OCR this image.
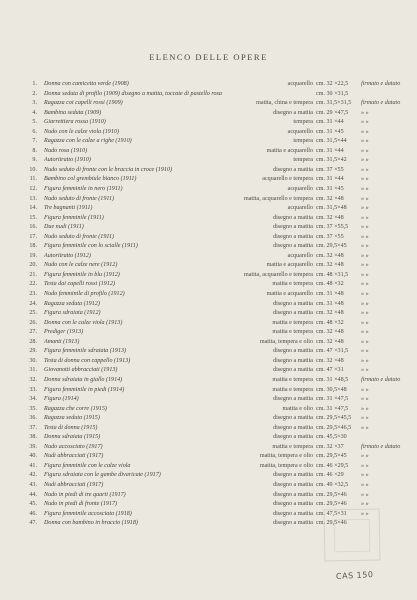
ELENCO DELLE OPERE
1. Donna con camicetta verde (1908)	acquarello cm. 32 ×22,5 firmato e datato
2. Donna seduta di profilo (1909) disegno a matita, toccate di pastello rosa	cm. 30 ×31,5
3. Ragazza coi capelli rossi (1909)	matita, china e tempera cm. 31,5×31,5 firmato e datato
4. Bambina seduta (1909)	disegno a matita cm. 29 ×47,5 » »
5. Giarrettiera rossa (1910)	tempera cm. 31 ×44	» »
6. Nudo con le calze viola (1910)	acquarello cm. 31 ×45	» »
7. Ragazza con le calze a righe (1910)	tempera cm. 31,5×44 » »
8. Nudo rosa (1910)	matita e acquarello cm. 31 ×44	» »
9. Autoritratto (1910)	tempera cm. 31,5×42 » »
10. Nudo seduto di fronte con le braccia in croce (1910)	disegno a matita cm. 37 ×55	» »
11. Bambino col grembiule bianco (1911)	acquarello e tempera cm. 31 ×44	» »
12. Figura femminile in nero (1911)	acquarello cm. 31 ×45	» »
13. Nudo seduto di fronte (1911)	matita, acquarello e tempera cm. 32 ×48	» »
14. Tre bagnanti (1911)	acquarello cm. 31,5×48 » »
15. Figura femminile (1911)	disegno a matita cm. 32 ×48	» »
16. Due nudi (1911)	disegno a matita cm. 37 ×55,5 » »
17. Nudo seduto di fronte (1911)	disegno a matita cm. 37 ×55	» »
18. Figura femminile con lo scialle (1911)	disegno a matita cm. 29,5×45 » »
19. Autoritratto (1912)	acquarello cm. 32 ×48	» »
20. Nudo con le calze nere (1912)	matita e acquarello cm. 32 ×48	» »
21. Figura femminile in blu (1912)	matita, acquarello e tempera cm. 48 ×31,5 » »
22. Testa dai capelli rossi (1912)	matita e tempera cm. 48 ×32	» »
23. Nudo femminile di profilo (1912)	matita e acquarello cm. 31 ×48	» »
24. Ragazza seduta (1912)	disegno a matita cm. 31 ×48	» »
25. Figura sdraiata (1912)	disegno a matita cm. 32 ×48	» »
26. Donna con le calze viola (1913)	matita e tempera cm. 48 ×32	» »
27. Prediger (1913)	matita e tempera cm. 32 ×48	» »
28. Amanti (1913)	matita, tempera e olio cm. 32 ×48	» »
29. Figura femminile sdraiata (1913)	disegno a matita cm. 47 ×31,5 » »
30. Testa di donna con cappello (1913)	disegno a matita cm. 32 ×48	» »
31. Giovanotti abbracciati (1913)	disegno a matita cm. 47 ×31	» »
32. Donna sdraiata in giallo (1914)	matita e tempera cm. 31 ×48,5 firmato e datato
33. Figura femminile in piedi (1914)	matita e tempera cm. 30,5×48 » »
34. Figura (1914)	disegno a matita cm. 31 ×47,5 » »
35. Ragazza che corre (1915)	matita e olio cm. 31 ×47,5 » »
36. Ragazza seduta (1915)	disegno a matita cm. 29,5×45,5 » »
37. Testa di donna (1915)	disegno a matita cm. 29,5×46,5 » »
38. Donna sdraiata (1915)	disegno a matita cm. 45,5×30
39. Nudo accosciato (1917)	matita e tempera cm. 32 ×37	firmato e datato
40. Nudi abbracciati (1917)	matita, tempera e olio cm. 29,5×45 » »
41. Figura femminile con le calze viola	matita, tempera e olio cm. 46 ×29,5 » »
42. Figura sdraiata con le gambe divaricate (1917)	disegno a matita cm. 46 ×29	» »
43. Nudi abbracciati (1917)	disegno a matita cm. 49 ×32,5 » »
44. Nudo in piedi di tre quarti (1917)	disegno a matita cm. 29,5×46 » »
45. Nudo in piedi di fronte (1917)	disegno a matita cm. 29,5×46 » »
46. Figura femminile accosciata (1918)	disegno a matita cm. 47,5×31 » »
47. Donna con bambino in braccio (1918)	disegno a matita cm. 29,5×46
CAS 150
